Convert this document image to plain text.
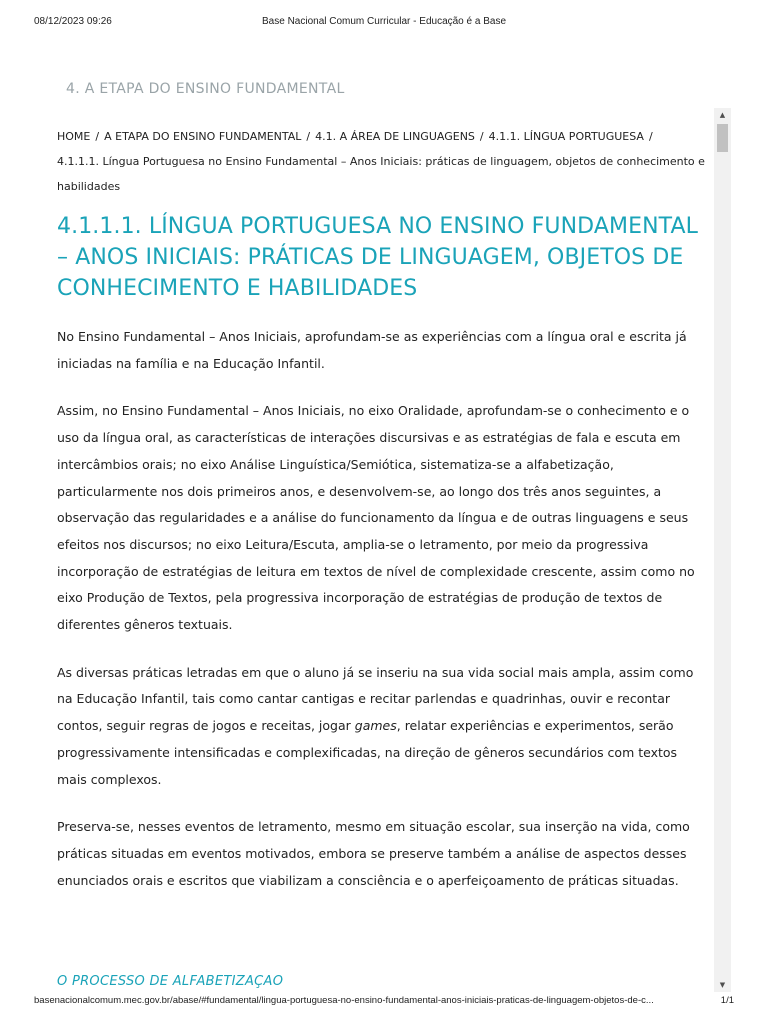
08/12/2023 09:26	Base Nacional Comum Curricular - Educação é a Base
4. A ETAPA DO ENSINO FUNDAMENTAL
HOME / A ETAPA DO ENSINO FUNDAMENTAL / 4.1. A ÁREA DE LINGUAGENS / 4.1.1. LÍNGUA PORTUGUESA /
4.1.1.1. Língua Portuguesa no Ensino Fundamental – Anos Iniciais: práticas de linguagem, objetos de conhecimento e habilidades
4.1.1.1. LÍNGUA PORTUGUESA NO ENSINO FUNDAMENTAL – ANOS INICIAIS: PRÁTICAS DE LINGUAGEM, OBJETOS DE CONHECIMENTO E HABILIDADES

No Ensino Fundamental – Anos Iniciais, aprofundam-se as experiências com a língua oral e escrita já iniciadas na família e na Educação Infantil.

Assim, no Ensino Fundamental – Anos Iniciais, no eixo Oralidade, aprofundam-se o conhecimento e o uso da língua oral, as características de interações discursivas e as estratégias de fala e escuta em intercâmbios orais; no eixo Análise Linguística/Semiótica, sistematiza-se a alfabetização, particularmente nos dois primeiros anos, e desenvolvem-se, ao longo dos três anos seguintes, a observação das regularidades e a análise do funcionamento da língua e de outras linguagens e seus efeitos nos discursos; no eixo Leitura/Escuta, amplia-se o letramento, por meio da progressiva incorporação de estratégias de leitura em textos de nível de complexidade crescente, assim como no eixo Produção de Textos, pela progressiva incorporação de estratégias de produção de textos de diferentes gêneros textuais.

As diversas práticas letradas em que o aluno já se inseriu na sua vida social mais ampla, assim como na Educação Infantil, tais como cantar cantigas e recitar parlendas e quadrinhas, ouvir e recontar contos, seguir regras de jogos e receitas, jogar games, relatar experiências e experimentos, serão progressivamente intensificadas e complexificadas, na direção de gêneros secundários com textos mais complexos.

Preserva-se, nesses eventos de letramento, mesmo em situação escolar, sua inserção na vida, como práticas situadas em eventos motivados, embora se preserve também a análise de aspectos desses enunciados orais e escritos que viabilizam a consciência e o aperfeiçoamento de práticas situadas.

O PROCESSO DE ALFABETIZAÇÃO
▲
▼
basenacionalcomum.mec.gov.br/abase/#fundamental/lingua-portuguesa-no-ensino-fundamental-anos-iniciais-praticas-de-linguagem-objetos-de-c...	1/1
